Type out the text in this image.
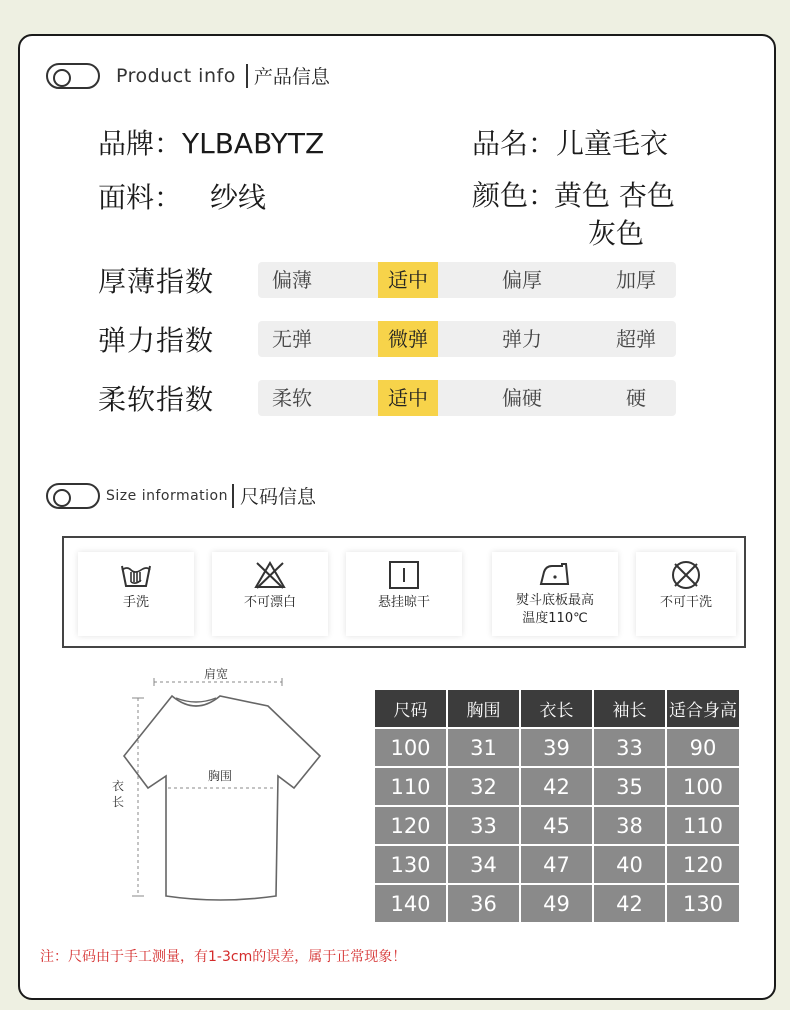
Product info 产品信息
品牌：YLBABYTZ	品名：儿童毛衣
面料： 纱线	颜色：
黄色 杏色
灰色
厚薄指数	偏薄	适中	偏厚	加厚
弹力指数	无弹	微弹	弹力	超弹
柔软指数	柔软	适中	偏硬	硬
Size information 尺码信息
手洗	不可漂白	悬挂晾干	熨斗底板最高
温度110℃
不可干洗
肩宽
胸围
衣长
尺码	胸围	衣长	袖长	适合身高
100	31	39	33	90
110	32	42	35	100
120	33	45	38	110
130	34	47	40	120
140	36	49	42	130
注：尺码由于手工测量，有1-3cm的误差，属于正常现象！
